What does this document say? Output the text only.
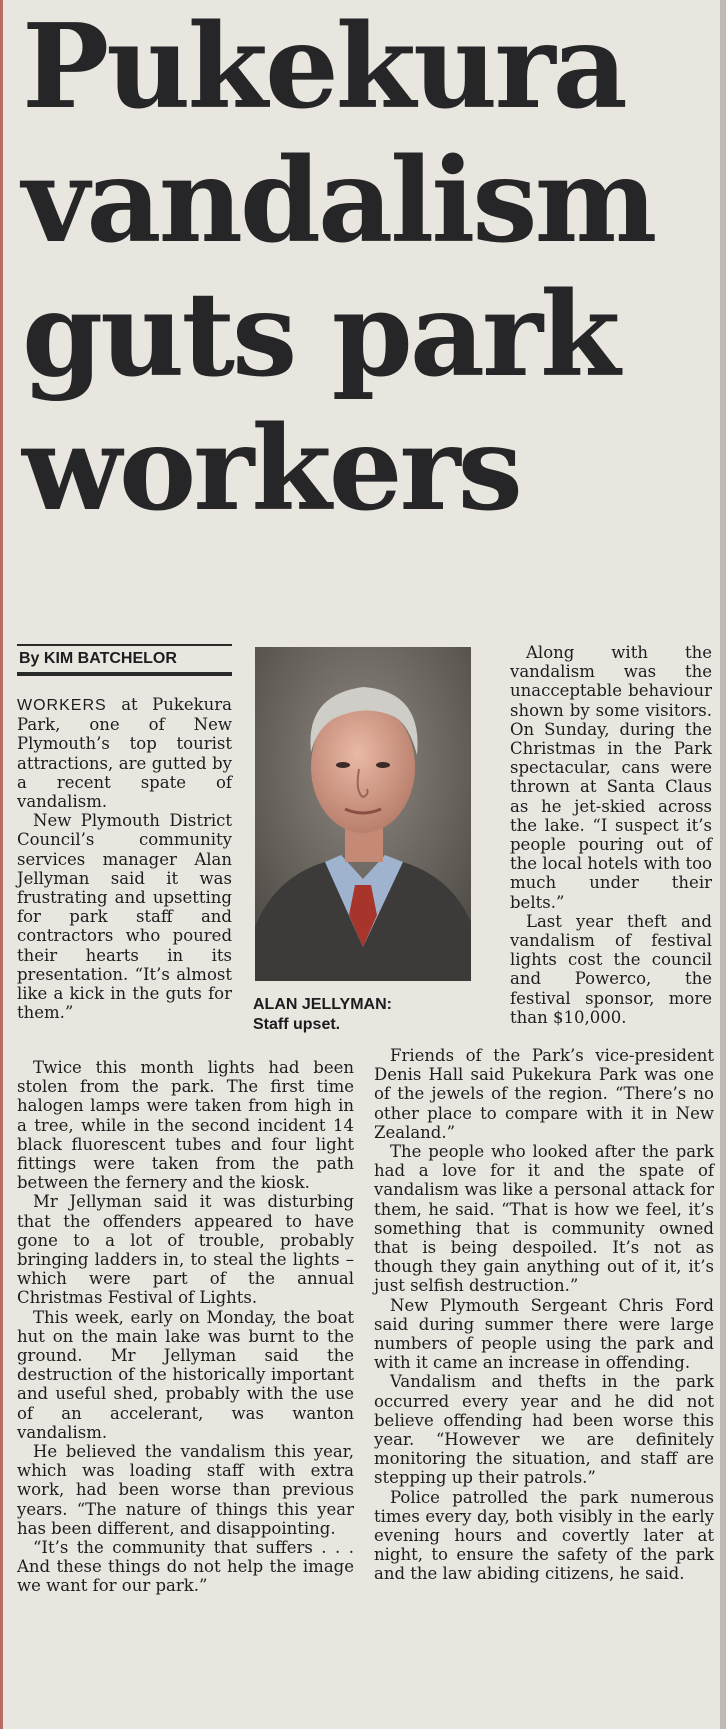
Pukekura
vandalism
guts park
workers
By KIM BATCHELOR

WORKERS at Pukekura Park, one of New Plymouth’s top tourist attractions, are gutted by a recent spate of vandalism.

New Plymouth District Council’s community services manager Alan Jellyman said it was frustrating and upsetting for park staff and contractors who poured their hearts in its presentation. “It’s almost like a kick in the guts for them.”	ALAN JELLYMAN:
Staff upset.

Along with the vandalism was the unacceptable behaviour shown by some visitors. On Sunday, during the Christmas in the Park spectacular, cans were thrown at Santa Claus as he jet-skied across the lake. “I suspect it’s people pouring out of the local hotels with too much under their belts.”

Last year theft and vandalism of festival lights cost the council and Powerco, the festival sponsor, more than $10,000.

Twice this month lights had been stolen from the park. The first time halogen lamps were taken from high in a tree, while in the second incident 14 black fluorescent tubes and four light fittings were taken from the path between the fernery and the kiosk.

Mr Jellyman said it was disturbing that the offenders appeared to have gone to a lot of trouble, probably bringing ladders in, to steal the lights – which were part of the annual Christmas Festival of Lights.

This week, early on Monday, the boat hut on the main lake was burnt to the ground. Mr Jellyman said the destruction of the historically important and useful shed, probably with the use of an accelerant, was wanton vandalism.

He believed the vandalism this year, which was loading staff with extra work, had been worse than previous years. “The nature of things this year has been different, and disappointing.

“It’s the community that suffers . . . And these things do not help the image we want for our park.”

Friends of the Park’s vice-president Denis Hall said Pukekura Park was one of the jewels of the region. “There’s no other place to compare with it in New Zealand.”

The people who looked after the park had a love for it and the spate of vandalism was like a personal attack for them, he said. “That is how we feel, it’s something that is community owned that is being despoiled. It’s not as though they gain anything out of it, it’s just selfish destruction.”

New Plymouth Sergeant Chris Ford said during summer there were large numbers of people using the park and with it came an increase in offending.

Vandalism and thefts in the park occurred every year and he did not believe offending had been worse this year. “However we are definitely monitoring the situation, and staff are stepping up their patrols.”

Police patrolled the park numerous times every day, both visibly in the early evening hours and covertly later at night, to ensure the safety of the park and the law abiding citizens, he said.
